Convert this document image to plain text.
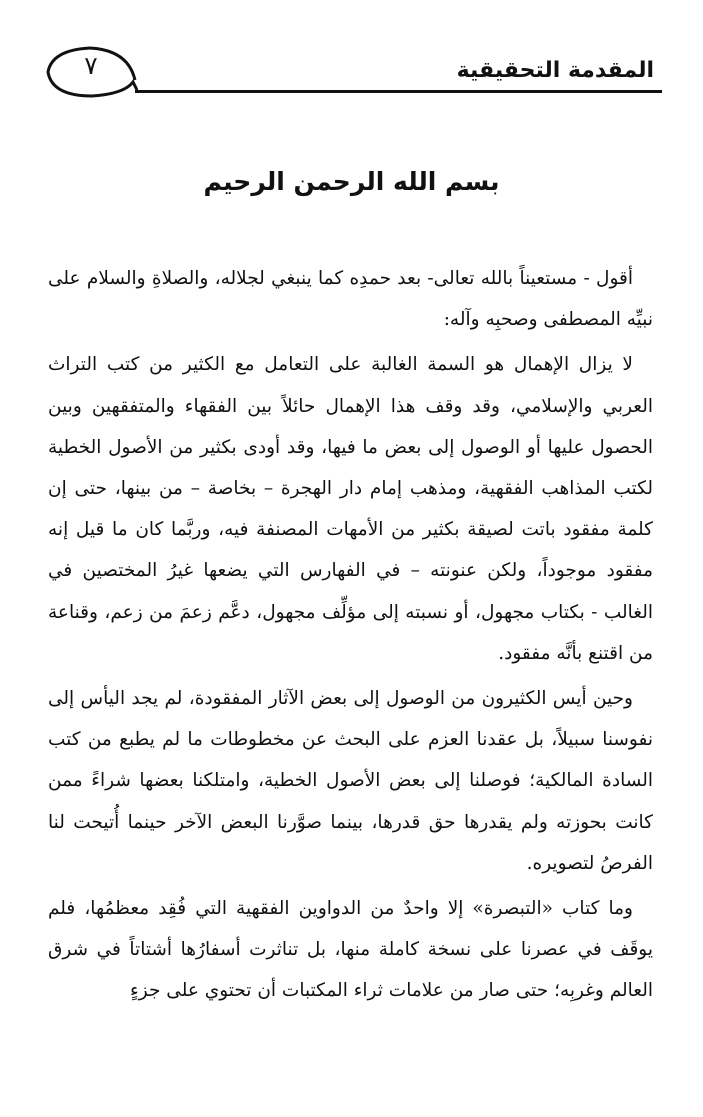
٧	المقدمة التحقيقية
بسم الله الرحمن الرحيم

أقول - مستعيناً بالله تعالى- بعد حمدِه كما ينبغي لجلاله، والصلاةِ والسلام على نبيِّه المصطفى وصحبِه وآله:

لا يزال الإهمال هو السمة الغالبة على التعامل مع الكثير من كتب التراث العربي والإسلامي، وقد وقف هذا الإهمال حائلاً بين الفقهاء والمتفقهين وبين الحصول عليها أو الوصول إلى بعض ما فيها، وقد أودى بكثير من الأصول الخطية لكتب المذاهب الفقهية، ومذهب إمام دار الهجرة – بخاصة – من بينها، حتى إن كلمة مفقود باتت لصيقة بكثير من الأمهات المصنفة فيه، وربَّما كان ما قيل إنه مفقود موجوداً، ولكن عنونته – في الفهارس التي يضعها غيرُ المختصين في الغالب - بكتاب مجهول، أو نسبته إلى مؤلِّف مجهول، دعَّم زعمَ من زعم، وقناعة من اقتنع بأنَّه مفقود.

وحين أيس الكثيرون من الوصول إلى بعض الآثار المفقودة، لم يجد اليأس إلى نفوسنا سبيلاً، بل عقدنا العزم على البحث عن مخطوطات ما لم يطبع من كتب السادة المالكية؛ فوصلنا إلى بعض الأصول الخطية، وامتلكنا بعضها شراءً ممن كانت بحوزته ولم يقدرها حق قدرها، بينما صوَّرنا البعض الآخر حينما أُتيحت لنا الفرصُ لتصويره.

وما كتاب «التبصرة» إلا واحدٌ من الدواوين الفقهية التي فُقِد معظمُها، فلم يوقَف في عصرنا على نسخة كاملة منها، بل تناثرت أسفارُها أشتاتاً في شرق العالم وغربِه؛ حتى صار من علامات ثراء المكتبات أن تحتوي على جزءٍ
